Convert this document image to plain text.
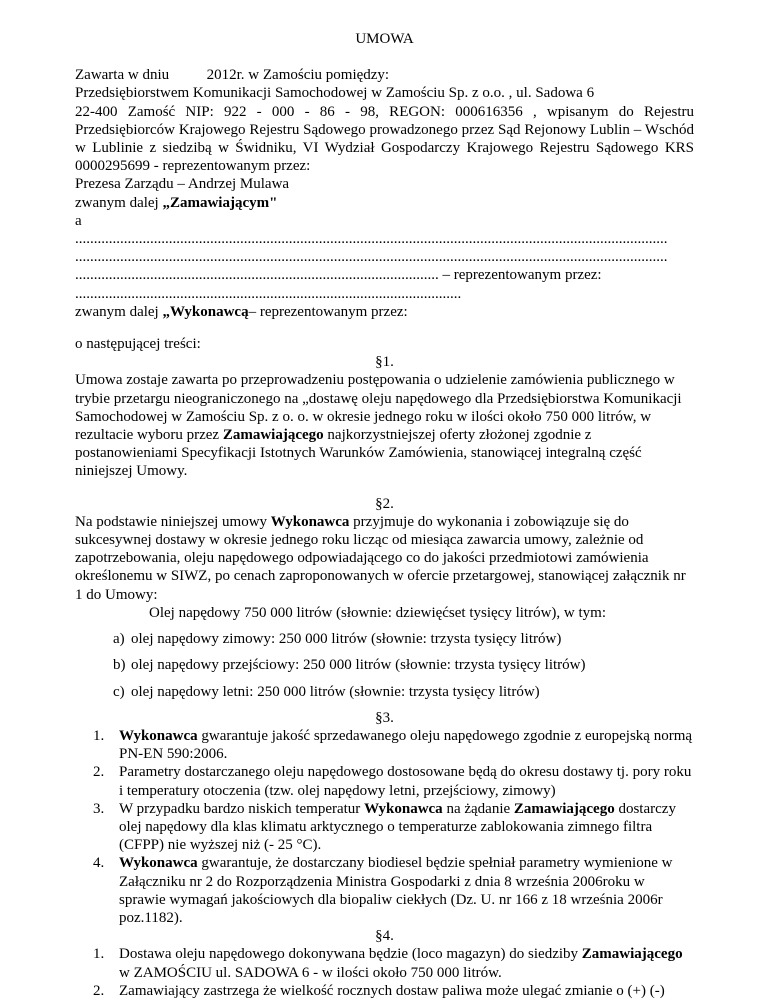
UMOWA

Zawarta w dniu          2012r. w Zamościu pomiędzy:

Przedsiębiorstwem Komunikacji Samochodowej w Zamościu Sp. z o.o. , ul. Sadowa 6

22-400 Zamość NIP: 922 - 000 - 86 - 98, REGON: 000616356 , wpisanym do Rejestru Przedsiębiorców Krajowego Rejestru Sądowego prowadzonego przez Sąd Rejonowy Lublin – Wschód w Lublinie z siedzibą w Świdniku, VI Wydział Gospodarczy Krajowego Rejestru Sądowego KRS 0000295699 - reprezentowanym przez:

Prezesa Zarządu – Andrzej Mulawa

zwanym dalej „Zamawiającym"

a

..............................................................................................................................................................

..............................................................................................................................................................

................................................................................................. – reprezentowanym przez:

.......................................................................................................

zwanym dalej „Wykonawcą– reprezentowanym przez:

o następującej treści:

§1.

Umowa zostaje zawarta po przeprowadzeniu postępowania o udzielenie zamówienia publicznego w trybie przetargu nieograniczonego na „dostawę oleju napędowego dla Przedsiębiorstwa Komunikacji Samochodowej w Zamościu Sp. z o. o. w okresie jednego roku w ilości około 750 000 litrów, w rezultacie wyboru przez Zamawiającego najkorzystniejszej oferty złożonej zgodnie z postanowieniami Specyfikacji Istotnych Warunków Zamówienia, stanowiącej integralną część niniejszej Umowy.

§2.

Na podstawie niniejszej umowy Wykonawca przyjmuje do wykonania i zobowiązuje się do sukcesywnej dostawy w okresie jednego roku licząc od miesiąca zawarcia umowy, zależnie od zapotrzebowania, oleju napędowego odpowiadającego co do jakości przedmiotowi zamówienia określonemu w SIWZ, po cenach zaproponowanych w ofercie przetargowej, stanowiącej załącznik nr 1 do Umowy:

Olej napędowy 750 000 litrów (słownie: dziewięćset tysięcy litrów), w tym:

a) olej napędowy zimowy: 250 000 litrów (słownie: trzysta tysięcy litrów)
b) olej napędowy przejściowy: 250 000 litrów (słownie: trzysta tysięcy litrów)
c) olej napędowy letni: 250 000 litrów (słownie: trzysta tysięcy litrów)

§3.

1. Wykonawca gwarantuje jakość sprzedawanego oleju napędowego zgodnie z europejską normą PN-EN 590:2006.
2. Parametry dostarczanego oleju napędowego dostosowane będą do okresu dostawy tj. pory roku i temperatury otoczenia (tzw. olej napędowy letni, przejściowy, zimowy)
3. W przypadku bardzo niskich temperatur Wykonawca na żądanie Zamawiającego dostarczy olej napędowy dla klas klimatu arktycznego o temperaturze zablokowania zimnego filtra (CFPP) nie wyższej niż (- 25 °C).
4. Wykonawca gwarantuje, że dostarczany biodiesel będzie spełniał parametry wymienione w Załączniku nr 2 do Rozporządzenia Ministra Gospodarki z dnia 8 września 2006roku w sprawie wymagań jakościowych dla biopaliw ciekłych (Dz. U. nr 166 z 18 września 2006r poz.1182).

§4.

1. Dostawa oleju napędowego dokonywana będzie (loco magazyn) do siedziby Zamawiającego w ZAMOŚCIU ul. SADOWA 6 - w ilości około 750 000 litrów.
2. Zamawiający zastrzega że wielkość rocznych dostaw paliwa może ulegać zmianie o (+) (-)
